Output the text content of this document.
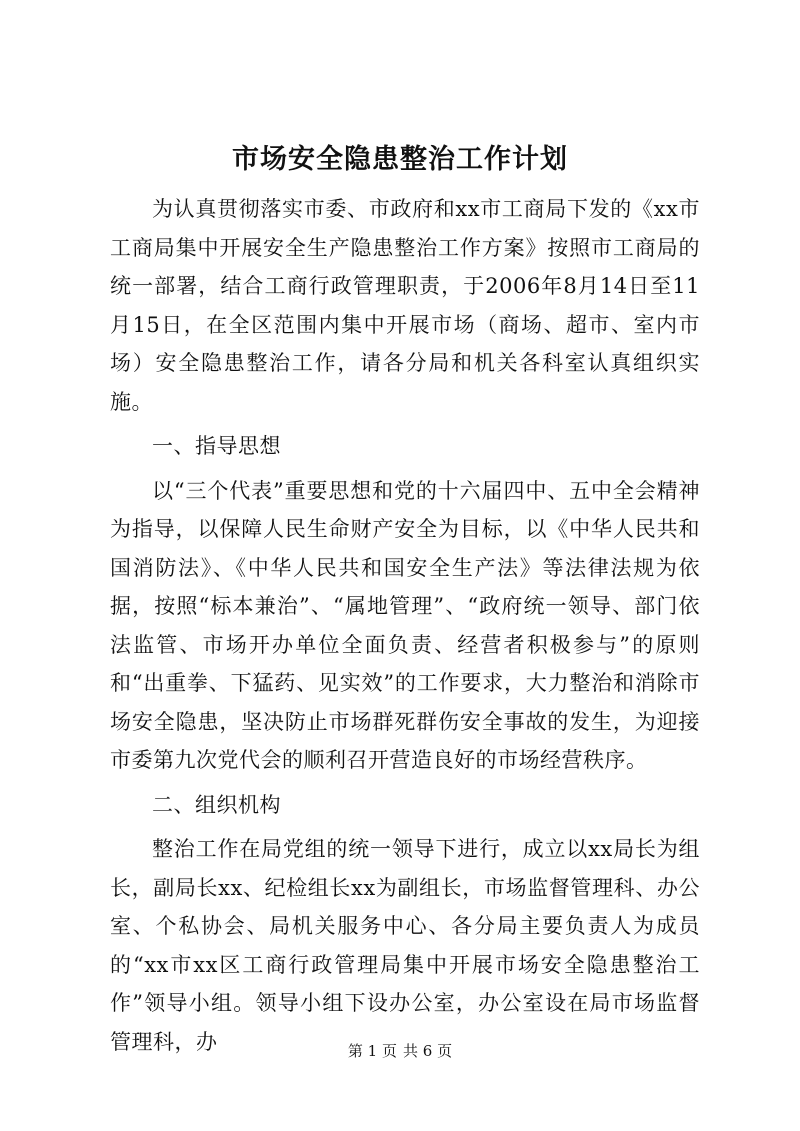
市场安全隐患整治工作计划

为认真贯彻落实市委、市政府和xx市工商局下发的《xx市工商局集中开展安全生产隐患整治工作方案》按照市工商局的统一部署，结合工商行政管理职责，于2006年8月14日至11月15日，在全区范围内集中开展市场（商场、超市、室内市场）安全隐患整治工作，请各分局和机关各科室认真组织实施。

一、指导思想

以“三个代表”重要思想和党的十六届四中、五中全会精神为指导，以保障人民生命财产安全为目标，以《中华人民共和国消防法》、《中华人民共和国安全生产法》等法律法规为依据，按照“标本兼治”、“属地管理”、“政府统一领导、部门依法监管、市场开办单位全面负责、经营者积极参与”的原则和“出重拳、下猛药、见实效”的工作要求，大力整治和消除市场安全隐患，坚决防止市场群死群伤安全事故的发生，为迎接市委第九次党代会的顺利召开营造良好的市场经营秩序。

二、组织机构

整治工作在局党组的统一领导下进行，成立以xx局长为组长，副局长xx、纪检组长xx为副组长，市场监督管理科、办公室、个私协会、局机关服务中心、各分局主要负责人为成员的“xx市xx区工商行政管理局集中开展市场安全隐患整治工作”领导小组。领导小组下设办公室，办公室设在局市场监督管理科，办	第 1 页 共 6 页
